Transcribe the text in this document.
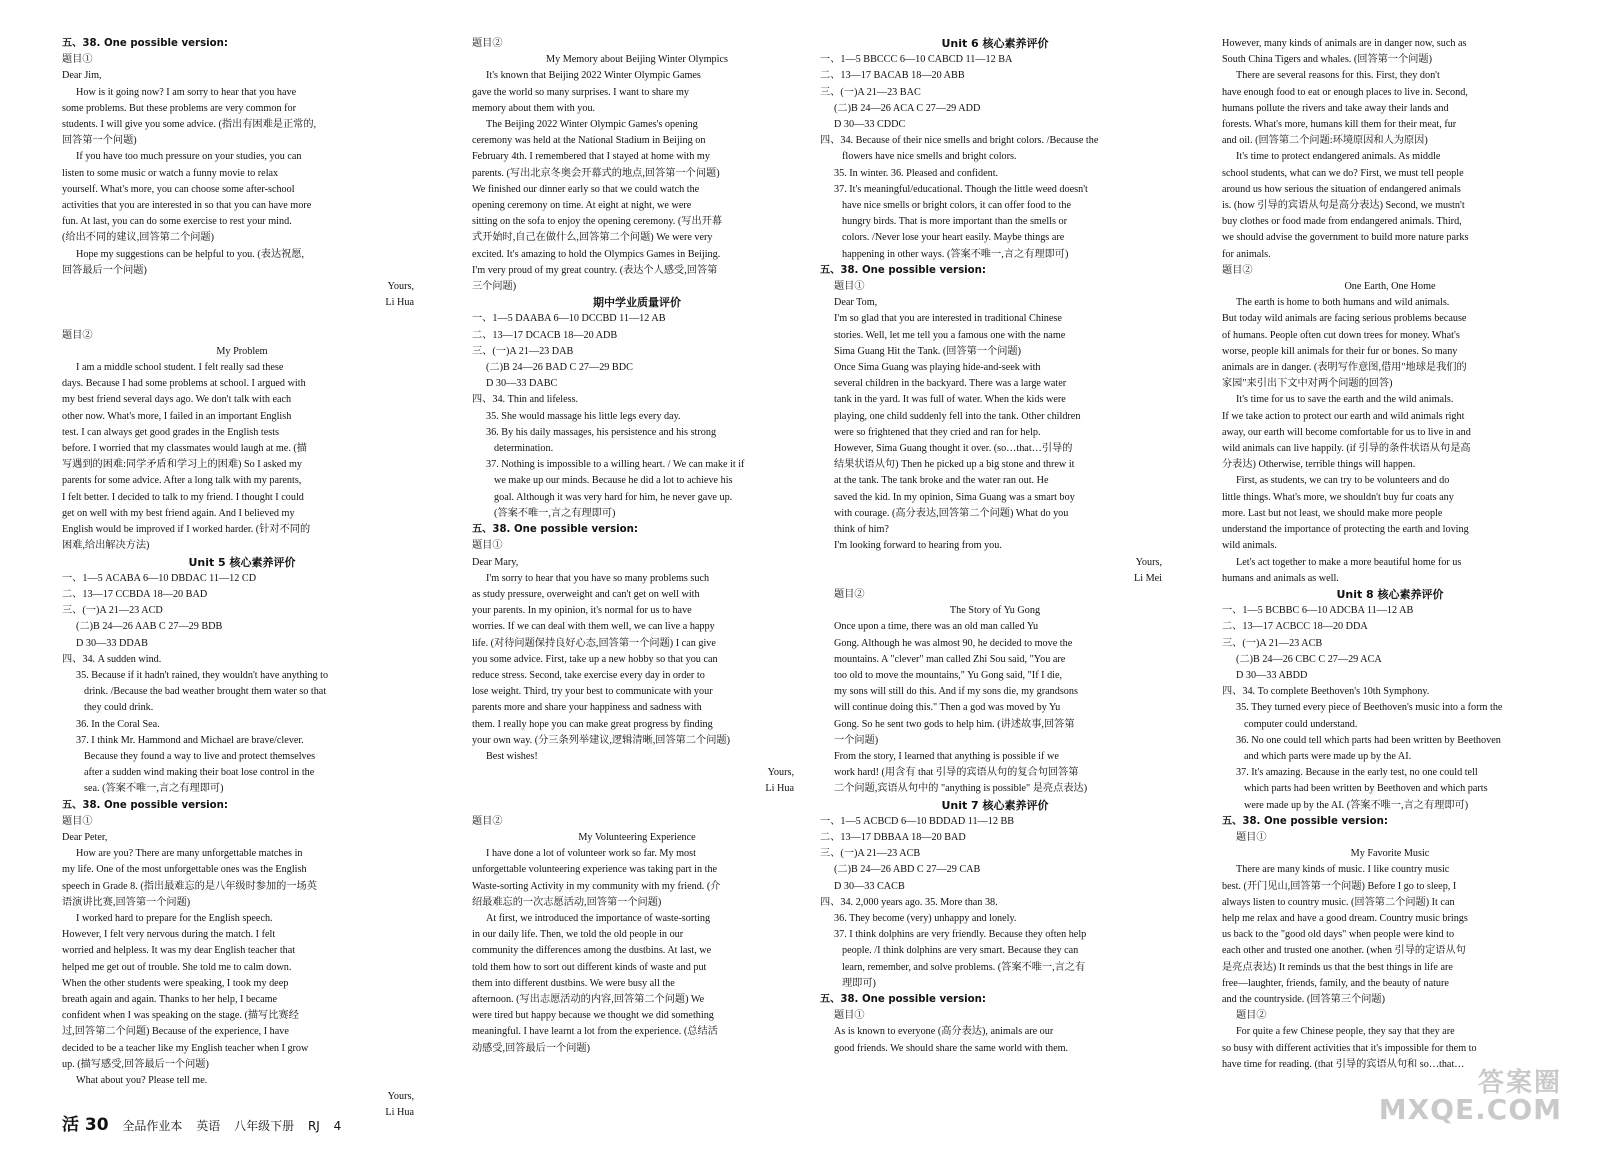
五、38. One possible version:
题目①
Dear Jim,
How is it going now? I am sorry to hear that you have
some problems. But these problems are very common for
students. I will give you some advice. (指出有困难是正常的,
回答第一个问题)
If you have too much pressure on your studies, you can
listen to some music or watch a funny movie to relax
yourself. What's more, you can choose some after-school
activities that you are interested in so that you can have more
fun. At last, you can do some exercise to rest your mind.
(给出不同的建议,回答第二个问题)
Hope my suggestions can be helpful to you. (表达祝愿,
回答最后一个问题)
Yours,
Li Hua

题目②
My Problem
I am a middle school student. I felt really sad these
days. Because I had some problems at school. I argued with
my best friend several days ago. We don't talk with each
other now. What's more, I failed in an important English
test. I can always get good grades in the English tests
before. I worried that my classmates would laugh at me. (描
写遇到的困难:同学矛盾和学习上的困难) So I asked my
parents for some advice. After a long talk with my parents,
I felt better. I decided to talk to my friend. I thought I could
get on well with my best friend again. And I believed my
English would be improved if I worked harder. (针对不同的
困难,给出解决方法)
Unit 5 核心素养评价
一、1—5 ACABA 6—10 DBDAC 11—12 CD
二、13—17 CCBDA 18—20 BAD
三、(一)A 21—23 ACD
(二)B 24—26 AAB C 27—29 BDB
D 30—33 DDAB
四、34. A sudden wind.
35. Because if it hadn't rained, they wouldn't have anything to
drink. /Because the bad weather brought them water so that
they could drink.
36. In the Coral Sea.
37. I think Mr. Hammond and Michael are brave/clever.
Because they found a way to live and protect themselves
after a sudden wind making their boat lose control in the
sea. (答案不唯一,言之有理即可)
五、38. One possible version:
题目①
Dear Peter,
How are you? There are many unforgettable matches in
my life. One of the most unforgettable ones was the English
speech in Grade 8. (指出最难忘的是八年级时参加的一场英
语演讲比赛,回答第一个问题)
I worked hard to prepare for the English speech.
However, I felt very nervous during the match. I felt
worried and helpless. It was my dear English teacher that
helped me get out of trouble. She told me to calm down.
When the other students were speaking, I took my deep
breath again and again. Thanks to her help, I became
confident when I was speaking on the stage. (描写比赛经
过,回答第二个问题) Because of the experience, I have
decided to be a teacher like my English teacher when I grow
up. (描写感受,回答最后一个问题)
What about you? Please tell me.
Yours,
Li Hua
题目②
My Memory about Beijing Winter Olympics
It's known that Beijing 2022 Winter Olympic Games
gave the world so many surprises. I want to share my
memory about them with you.
The Beijing 2022 Winter Olympic Games's opening
ceremony was held at the National Stadium in Beijing on
February 4th. I remembered that I stayed at home with my
parents. (写出北京冬奥会开幕式的地点,回答第一个问题)
We finished our dinner early so that we could watch the
opening ceremony on time. At eight at night, we were
sitting on the sofa to enjoy the opening ceremony. (写出开幕
式开始时,自己在做什么,回答第二个问题) We were very
excited. It's amazing to hold the Olympics Games in Beijing.
I'm very proud of my great country. (表达个人感受,回答第
三个问题)
期中学业质量评价
一、1—5 DAABA 6—10 DCCBD 11—12 AB
二、13—17 DCACB 18—20 ADB
三、(一)A 21—23 DAB
(二)B 24—26 BAD C 27—29 BDC
D 30—33 DABC
四、34. Thin and lifeless.
35. She would massage his little legs every day.
36. By his daily massages, his persistence and his strong
determination.
37. Nothing is impossible to a willing heart. / We can make it if
we make up our minds. Because he did a lot to achieve his
goal. Although it was very hard for him, he never gave up.
(答案不唯一,言之有理即可)
五、38. One possible version:
题目①
Dear Mary,
I'm sorry to hear that you have so many problems such
as study pressure, overweight and can't get on well with
your parents. In my opinion, it's normal for us to have
worries. If we can deal with them well, we can live a happy
life. (对待问题保持良好心态,回答第一个问题) I can give
you some advice. First, take up a new hobby so that you can
reduce stress. Second, take exercise every day in order to
lose weight. Third, try your best to communicate with your
parents more and share your happiness and sadness with
them. I really hope you can make great progress by finding
your own way. (分三条列举建议,逻辑清晰,回答第二个问题)
Best wishes!
Yours,
Li Hua

题目②
My Volunteering Experience
I have done a lot of volunteer work so far. My most
unforgettable volunteering experience was taking part in the
Waste-sorting Activity in my community with my friend. (介
绍最难忘的一次志愿活动,回答第一个问题)
At first, we introduced the importance of waste-sorting
in our daily life. Then, we told the old people in our
community the differences among the dustbins. At last, we
told them how to sort out different kinds of waste and put
them into different dustbins. We were busy all the
afternoon. (写出志愿活动的内容,回答第二个问题) We
were tired but happy because we thought we did something
meaningful. I have learnt a lot from the experience. (总结活
动感受,回答最后一个问题)
Unit 6 核心素养评价
一、1—5 BBCCC 6—10 CABCD 11—12 BA
二、13—17 BACAB 18—20 ABB
三、(一)A 21—23 BAC
(二)B 24—26 ACA C 27—29 ADD
D 30—33 CDDC
四、34. Because of their nice smells and bright colors. /Because the
flowers have nice smells and bright colors.
35. In winter. 36. Pleased and confident.
37. It's meaningful/educational. Though the little weed doesn't
have nice smells or bright colors, it can offer food to the
hungry birds. That is more important than the smells or
colors. /Never lose your heart easily. Maybe things are
happening in other ways. (答案不唯一,言之有理即可)
五、38. One possible version:
题目①
Dear Tom,
I'm so glad that you are interested in traditional Chinese
stories. Well, let me tell you a famous one with the name
Sima Guang Hit the Tank. (回答第一个问题)
Once Sima Guang was playing hide-and-seek with
several children in the backyard. There was a large water
tank in the yard. It was full of water. When the kids were
playing, one child suddenly fell into the tank. Other children
were so frightened that they cried and ran for help.
However, Sima Guang thought it over. (so…that…引导的
结果状语从句) Then he picked up a big stone and threw it
at the tank. The tank broke and the water ran out. He
saved the kid. In my opinion, Sima Guang was a smart boy
with courage. (高分表达,回答第二个问题) What do you
think of him?
I'm looking forward to hearing from you.
Yours,
Li Mei
题目②
The Story of Yu Gong
Once upon a time, there was an old man called Yu
Gong. Although he was almost 90, he decided to move the
mountains. A "clever" man called Zhi Sou said, "You are
too old to move the mountains," Yu Gong said, "If I die,
my sons will still do this. And if my sons die, my grandsons
will continue doing this." Then a god was moved by Yu
Gong. So he sent two gods to help him. (讲述故事,回答第
一个问题)
From the story, I learned that anything is possible if we
work hard! (用含有 that 引导的宾语从句的复合句回答第
二个问题,宾语从句中的 "anything is possible" 是亮点表达)
Unit 7 核心素养评价
一、1—5 ACBCD 6—10 BDDAD 11—12 BB
二、13—17 DBBAA 18—20 BAD
三、(一)A 21—23 ACB
(二)B 24—26 ABD C 27—29 CAB
D 30—33 CACB
四、34. 2,000 years ago. 35. More than 38.
36. They become (very) unhappy and lonely.
37. I think dolphins are very friendly. Because they often help
people. /I think dolphins are very smart. Because they can
learn, remember, and solve problems. (答案不唯一,言之有
理即可)
五、38. One possible version:
题目①
As is known to everyone (高分表达), animals are our
good friends. We should share the same world with them.
However, many kinds of animals are in danger now, such as
South China Tigers and whales. (回答第一个问题)
There are several reasons for this. First, they don't
have enough food to eat or enough places to live in. Second,
humans pollute the rivers and take away their lands and
forests. What's more, humans kill them for their meat, fur
and oil. (回答第二个问题:环境原因和人为原因)
It's time to protect endangered animals. As middle
school students, what can we do? First, we must tell people
around us how serious the situation of endangered animals
is. (how 引导的宾语从句是高分表达) Second, we mustn't
buy clothes or food made from endangered animals. Third,
we should advise the government to build more nature parks
for animals.
题目②
One Earth, One Home
The earth is home to both humans and wild animals.
But today wild animals are facing serious problems because
of humans. People often cut down trees for money. What's
worse, people kill animals for their fur or bones. So many
animals are in danger. (表明写作意图,借用"地球是我们的
家园"来引出下文中对两个问题的回答)
It's time for us to save the earth and the wild animals.
If we take action to protect our earth and wild animals right
away, our earth will become comfortable for us to live in and
wild animals can live happily. (if 引导的条件状语从句是高
分表达) Otherwise, terrible things will happen.
First, as students, we can try to be volunteers and do
little things. What's more, we shouldn't buy fur coats any
more. Last but not least, we should make more people
understand the importance of protecting the earth and loving
wild animals.
Let's act together to make a more beautiful home for us
humans and animals as well.
Unit 8 核心素养评价
一、1—5 BCBBC 6—10 ADCBA 11—12 AB
二、13—17 ACBCC 18—20 DDA
三、(一)A 21—23 ACB
(二)B 24—26 CBC C 27—29 ACA
D 30—33 ABDD
四、34. To complete Beethoven's 10th Symphony.
35. They turned every piece of Beethoven's music into a form the
computer could understand.
36. No one could tell which parts had been written by Beethoven
and which parts were made up by the AI.
37. It's amazing. Because in the early test, no one could tell
which parts had been written by Beethoven and which parts
were made up by the AI. (答案不唯一,言之有理即可)
五、38. One possible version:
题目①
My Favorite Music
There are many kinds of music. I like country music
best. (开门见山,回答第一个问题) Before I go to sleep, I
always listen to country music. (回答第二个问题) It can
help me relax and have a good dream. Country music brings
us back to the "good old days" when people were kind to
each other and trusted one another. (when 引导的定语从句
是亮点表达) It reminds us that the best things in life are
free—laughter, friends, family, and the beauty of nature
and the countryside. (回答第三个问题)
题目②
For quite a few Chinese people, they say that they are
so busy with different activities that it's impossible for them to
have time for reading. (that 引导的宾语从句和 so…that…
活 30 全品作业本 英语 八年级下册 RJ 4
答案圈
MXQE.COM
